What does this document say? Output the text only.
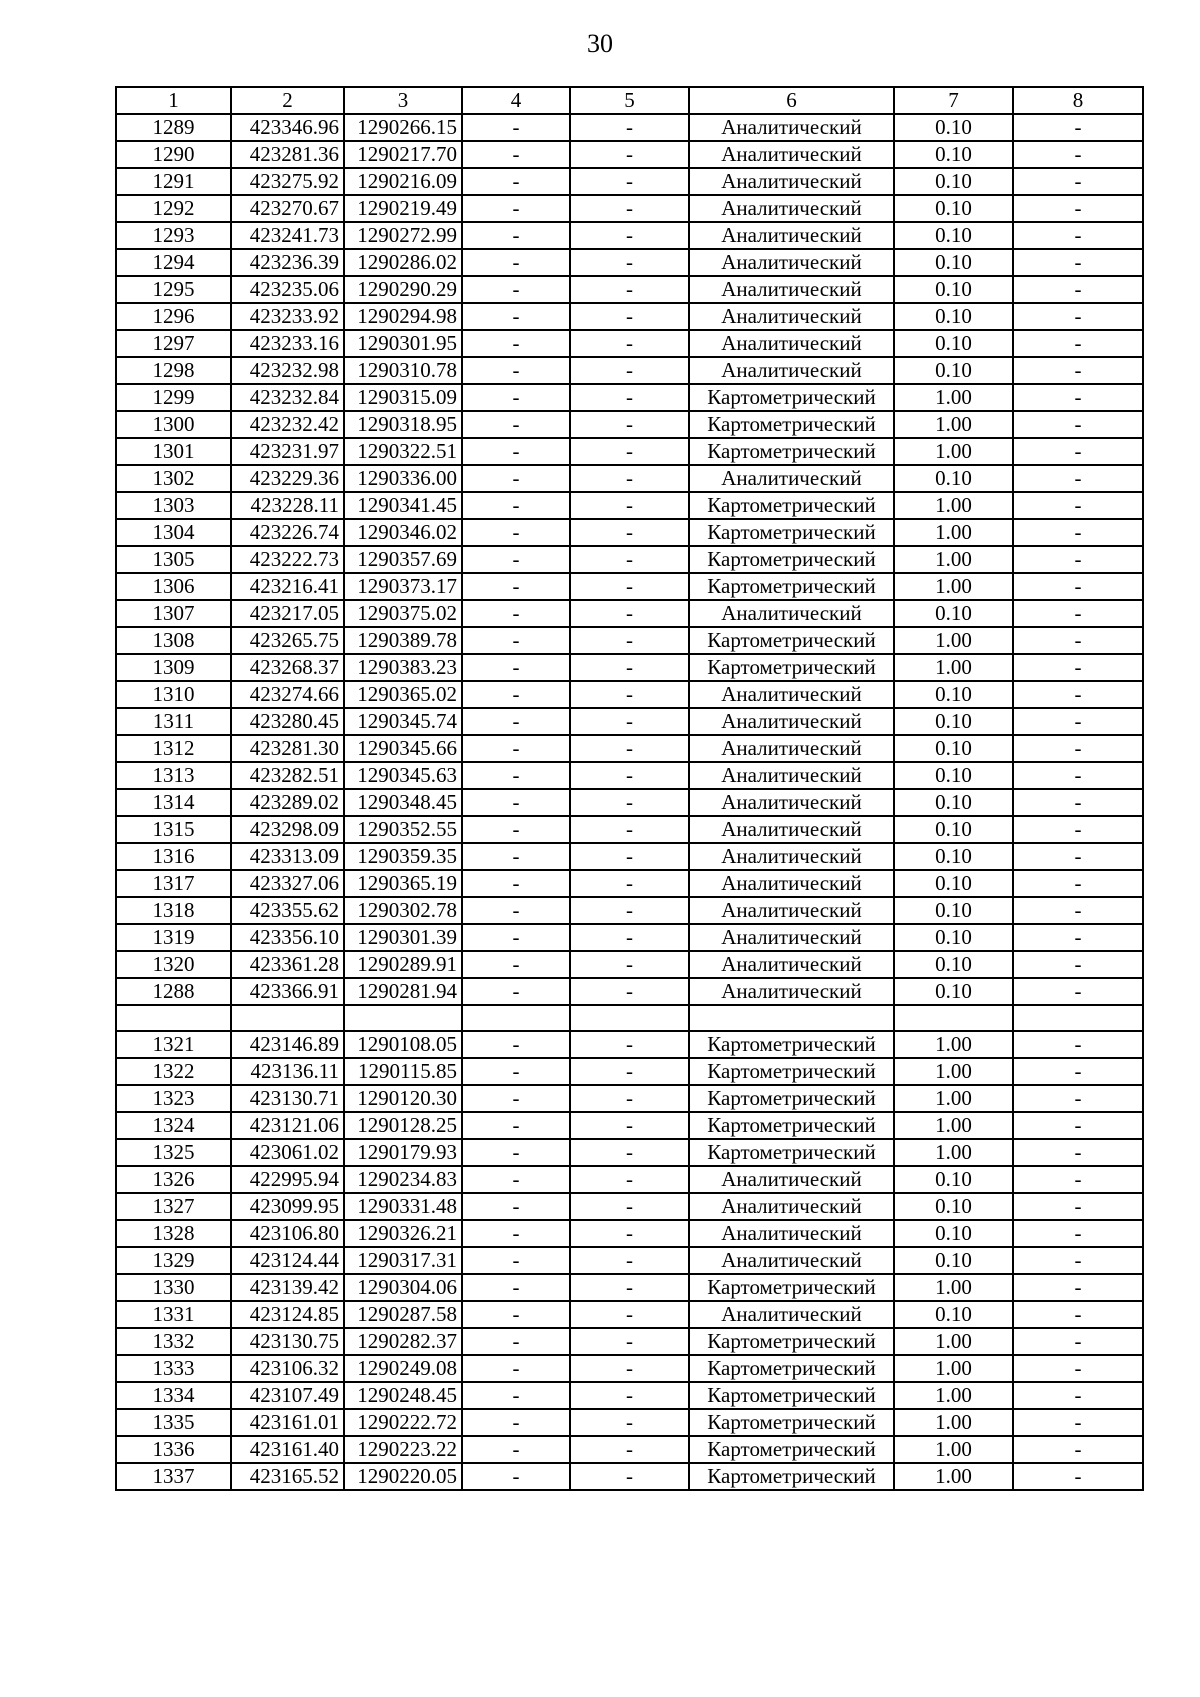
30
1	2	3	4	5	6	7	8
1289	423346.96	1290266.15	-	-	Аналитический	0.10	-
1290	423281.36	1290217.70	-	-	Аналитический	0.10	-
1291	423275.92	1290216.09	-	-	Аналитический	0.10	-
1292	423270.67	1290219.49	-	-	Аналитический	0.10	-
1293	423241.73	1290272.99	-	-	Аналитический	0.10	-
1294	423236.39	1290286.02	-	-	Аналитический	0.10	-
1295	423235.06	1290290.29	-	-	Аналитический	0.10	-
1296	423233.92	1290294.98	-	-	Аналитический	0.10	-
1297	423233.16	1290301.95	-	-	Аналитический	0.10	-
1298	423232.98	1290310.78	-	-	Аналитический	0.10	-
1299	423232.84	1290315.09	-	-	Картометрический	1.00	-
1300	423232.42	1290318.95	-	-	Картометрический	1.00	-
1301	423231.97	1290322.51	-	-	Картометрический	1.00	-
1302	423229.36	1290336.00	-	-	Аналитический	0.10	-
1303	423228.11	1290341.45	-	-	Картометрический	1.00	-
1304	423226.74	1290346.02	-	-	Картометрический	1.00	-
1305	423222.73	1290357.69	-	-	Картометрический	1.00	-
1306	423216.41	1290373.17	-	-	Картометрический	1.00	-
1307	423217.05	1290375.02	-	-	Аналитический	0.10	-
1308	423265.75	1290389.78	-	-	Картометрический	1.00	-
1309	423268.37	1290383.23	-	-	Картометрический	1.00	-
1310	423274.66	1290365.02	-	-	Аналитический	0.10	-
1311	423280.45	1290345.74	-	-	Аналитический	0.10	-
1312	423281.30	1290345.66	-	-	Аналитический	0.10	-
1313	423282.51	1290345.63	-	-	Аналитический	0.10	-
1314	423289.02	1290348.45	-	-	Аналитический	0.10	-
1315	423298.09	1290352.55	-	-	Аналитический	0.10	-
1316	423313.09	1290359.35	-	-	Аналитический	0.10	-
1317	423327.06	1290365.19	-	-	Аналитический	0.10	-
1318	423355.62	1290302.78	-	-	Аналитический	0.10	-
1319	423356.10	1290301.39	-	-	Аналитический	0.10	-
1320	423361.28	1290289.91	-	-	Аналитический	0.10	-
1288	423366.91	1290281.94	-	-	Аналитический	0.10	-

1321	423146.89	1290108.05	-	-	Картометрический	1.00	-
1322	423136.11	1290115.85	-	-	Картометрический	1.00	-
1323	423130.71	1290120.30	-	-	Картометрический	1.00	-
1324	423121.06	1290128.25	-	-	Картометрический	1.00	-
1325	423061.02	1290179.93	-	-	Картометрический	1.00	-
1326	422995.94	1290234.83	-	-	Аналитический	0.10	-
1327	423099.95	1290331.48	-	-	Аналитический	0.10	-
1328	423106.80	1290326.21	-	-	Аналитический	0.10	-
1329	423124.44	1290317.31	-	-	Аналитический	0.10	-
1330	423139.42	1290304.06	-	-	Картометрический	1.00	-
1331	423124.85	1290287.58	-	-	Аналитический	0.10	-
1332	423130.75	1290282.37	-	-	Картометрический	1.00	-
1333	423106.32	1290249.08	-	-	Картометрический	1.00	-
1334	423107.49	1290248.45	-	-	Картометрический	1.00	-
1335	423161.01	1290222.72	-	-	Картометрический	1.00	-
1336	423161.40	1290223.22	-	-	Картометрический	1.00	-
1337	423165.52	1290220.05	-	-	Картометрический	1.00	-
